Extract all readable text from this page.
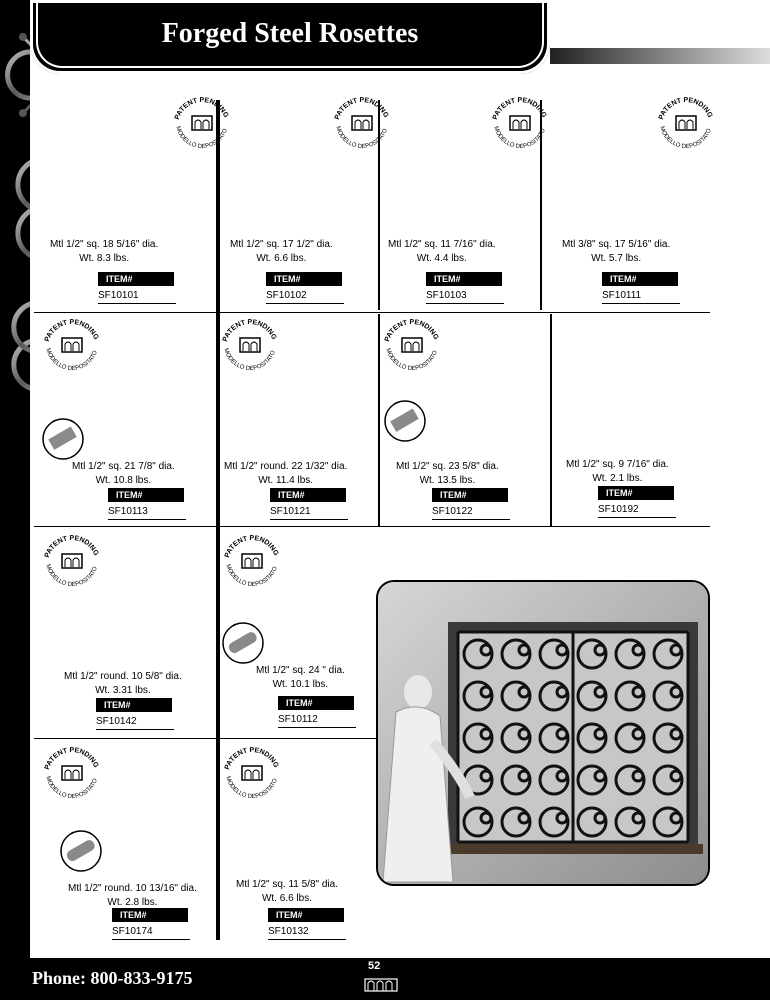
Forged Steel Rosettes
PATENT PENDING
MODELLO DEPOSITATO
PATENT PENDING
MODELLO DEPOSITATO
PATENT PENDING
MODELLO DEPOSITATO
PATENT PENDING
MODELLO DEPOSITATO
PATENT PENDING
MODELLO DEPOSITATO
PATENT PENDING
MODELLO DEPOSITATO
PATENT PENDING
MODELLO DEPOSITATO
PATENT PENDING
MODELLO DEPOSITATO
PATENT PENDING
MODELLO DEPOSITATO
PATENT PENDING
MODELLO DEPOSITATO
PATENT PENDING
MODELLO DEPOSITATO
Mtl 1/2" sq. 18 5/16" dia.
Wt. 8.3 lbs.
ITEM#
SF10101
Mtl 1/2" sq. 17 1/2" dia.
Wt. 6.6 lbs.
ITEM#
SF10102
Mtl 1/2" sq. 11 7/16" dia.
Wt. 4.4 lbs.
ITEM#
SF10103
Mtl 3/8" sq. 17 5/16" dia.
Wt. 5.7 lbs.
ITEM#
SF10111
Mtl 1/2" sq. 21 7/8" dia.
Wt. 10.8 lbs.
ITEM#
SF10113
Mtl 1/2" round. 22 1/32" dia.
Wt. 11.4 lbs.
ITEM#
SF10121
Mtl 1/2" sq. 23 5/8" dia.
Wt. 13.5 lbs.
ITEM#
SF10122
Mtl 1/2" sq. 9 7/16" dia.
Wt. 2.1 lbs.
ITEM#
SF10192
Mtl 1/2" round. 10 5/8" dia.
Wt. 3.31 lbs.
ITEM#
SF10142
Mtl 1/2" sq. 24 " dia.
Wt. 10.1 lbs.
ITEM#
SF10112
Mtl 1/2" round. 10 13/16" dia.
Wt. 2.8 lbs.
ITEM#
SF10174
Mtl 1/2" sq. 11 5/8" dia.
Wt. 6.6 lbs.
ITEM#
SF10132
Phone: 800-833-9175
52
